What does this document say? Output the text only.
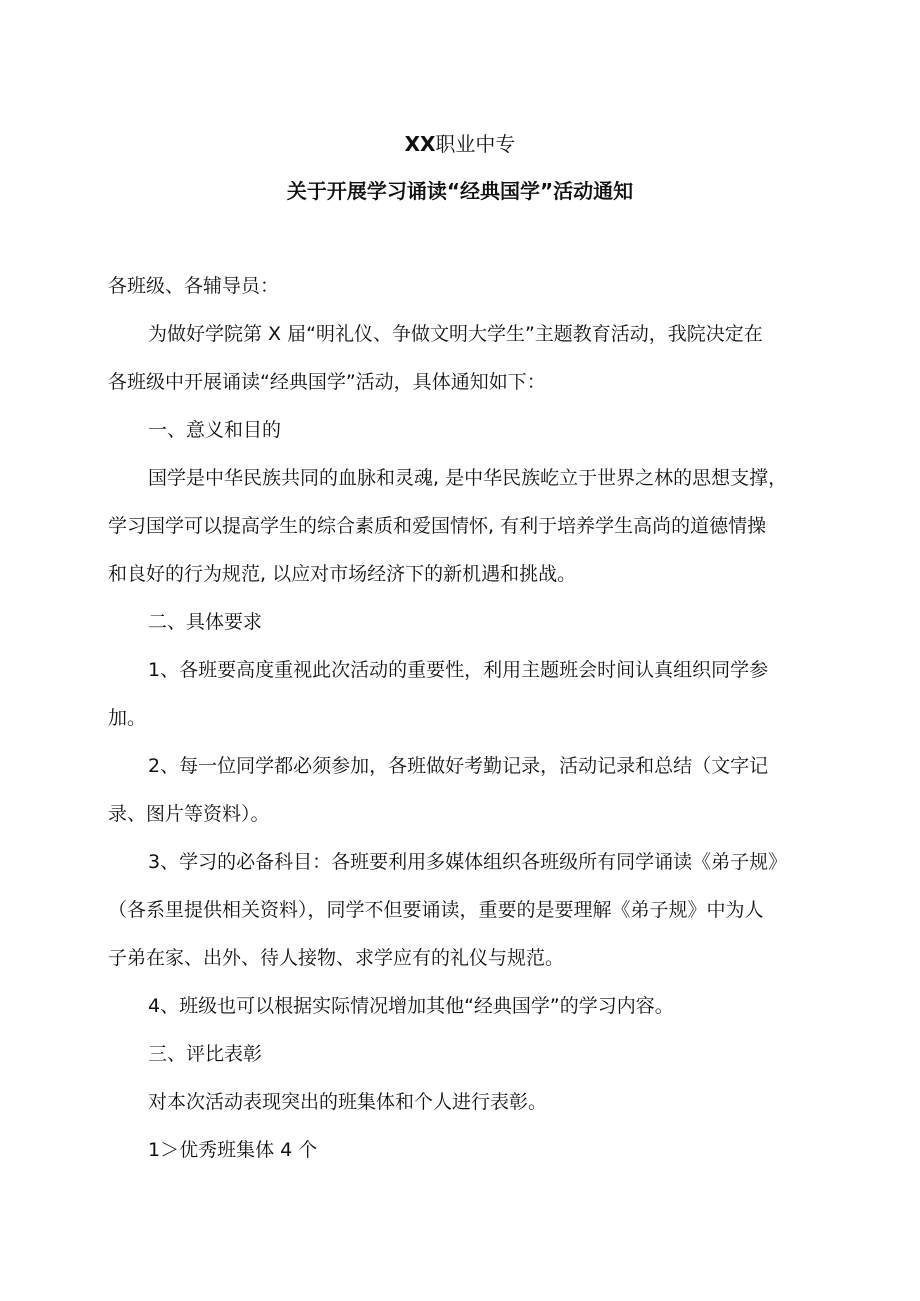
XX职业中专
关于开展学习诵读“经典国学”活动通知
各班级、各辅导员：
为做好学院第 X 届“明礼仪、争做文明大学生”主题教育活动，我院决定在
各班级中开展诵读“经典国学”活动，具体通知如下：
一、意义和目的
国学是中华民族共同的血脉和灵魂, 是中华民族屹立于世界之林的思想支撑，
学习国学可以提高学生的综合素质和爱国情怀, 有利于培养学生高尚的道德情操
和良好的行为规范, 以应对市场经济下的新机遇和挑战。
二、具体要求
1、各班要高度重视此次活动的重要性，利用主题班会时间认真组织同学参
加。
2、每一位同学都必须参加，各班做好考勤记录，活动记录和总结（文字记
录、图片等资料）。
3、学习的必备科目：各班要利用多媒体组织各班级所有同学诵读《弟子规》
（各系里提供相关资料），同学不但要诵读，重要的是要理解《弟子规》中为人
子弟在家、出外、待人接物、求学应有的礼仪与规范。
4、班级也可以根据实际情况增加其他“经典国学”的学习内容。
三、评比表彰
对本次活动表现突出的班集体和个人进行表彰。
1＞优秀班集体 4 个
